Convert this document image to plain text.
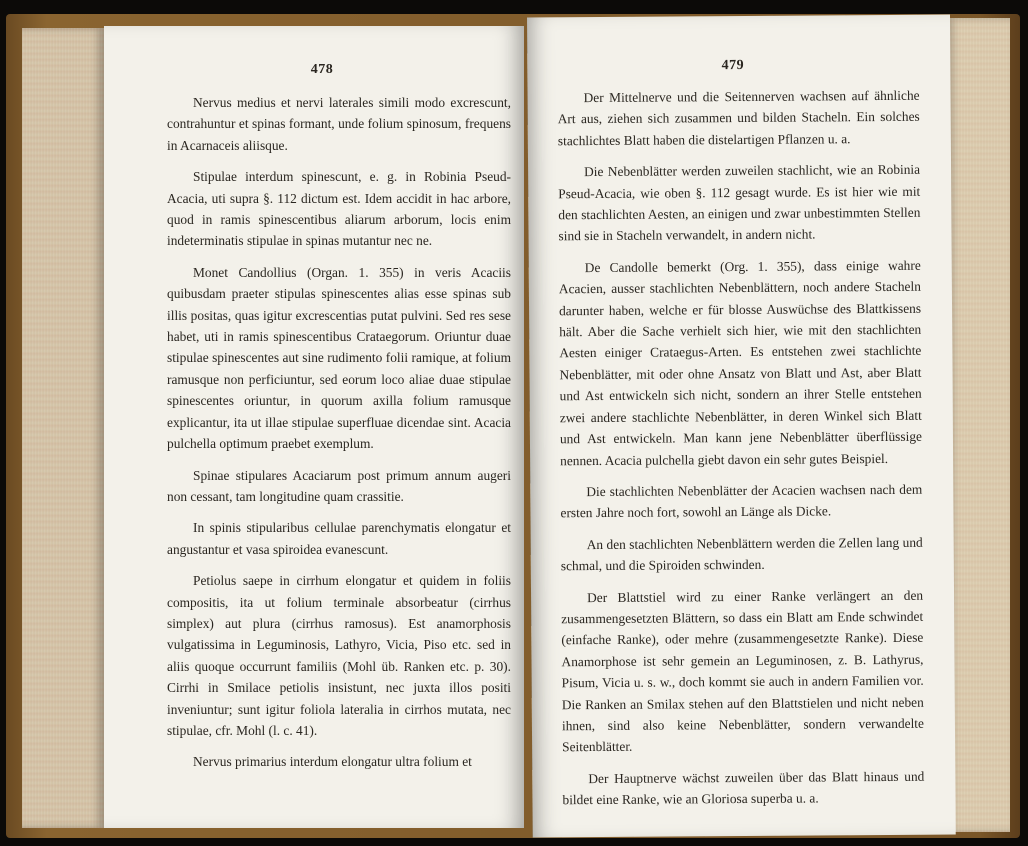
478

Nervus medius et nervi laterales simili modo excrescunt, contrahuntur et spinas formant, unde folium spinosum, frequens in Acarnaceis aliisque.

Stipulae interdum spinescunt, e. g. in Robinia Pseud-Acacia, uti supra §. 112 dictum est. Idem accidit in hac arbore, quod in ramis spinescentibus aliarum arborum, locis enim indeterminatis stipulae in spinas mutantur nec ne.

Monet Candollius (Organ. 1. 355) in veris Acaciis quibusdam praeter stipulas spinescentes alias esse spinas sub illis positas, quas igitur excrescentias putat pulvini. Sed res sese habet, uti in ramis spinescentibus Crataegorum. Oriuntur duae stipulae spinescentes aut sine rudimento folii ramique, at folium ramusque non perficiuntur, sed eorum loco aliae duae stipulae spinescentes oriuntur, in quorum axilla folium ramusque explicantur, ita ut illae stipulae superfluae dicendae sint. Acacia pulchella optimum praebet exemplum.

Spinae stipulares Acaciarum post primum annum augeri non cessant, tam longitudine quam crassitie.

In spinis stipularibus cellulae parenchymatis elongatur et angustantur et vasa spiroidea evanescunt.

Petiolus saepe in cirrhum elongatur et quidem in foliis compositis, ita ut folium terminale absorbeatur (cirrhus simplex) aut plura (cirrhus ramosus). Est anamorphosis vulgatissima in Leguminosis, Lathyro, Vicia, Piso etc. sed in aliis quoque occurrunt familiis (Mohl üb. Ranken etc. p. 30). Cirrhi in Smilace petiolis insistunt, nec juxta illos positi inveniuntur; sunt igitur foliola lateralia in cirrhos mutata, nec stipulae, cfr. Mohl (l. c. 41).

Nervus primarius interdum elongatur ultra folium et

479

Der Mittelnerve und die Seitennerven wachsen auf ähnliche Art aus, ziehen sich zusammen und bilden Stacheln. Ein solches stachlichtes Blatt haben die distelartigen Pflanzen u. a.

Die Nebenblätter werden zuweilen stachlicht, wie an Robinia Pseud-Acacia, wie oben §. 112 gesagt wurde. Es ist hier wie mit den stachlichten Aesten, an einigen und zwar unbestimmten Stellen sind sie in Stacheln verwandelt, in andern nicht.

De Candolle bemerkt (Org. 1. 355), dass einige wahre Acacien, ausser stachlichten Nebenblättern, noch andere Stacheln darunter haben, welche er für blosse Auswüchse des Blattkissens hält. Aber die Sache verhielt sich hier, wie mit den stachlichten Aesten einiger Crataegus-Arten. Es entstehen zwei stachlichte Nebenblätter, mit oder ohne Ansatz von Blatt und Ast, aber Blatt und Ast entwickeln sich nicht, sondern an ihrer Stelle entstehen zwei andere stachlichte Nebenblätter, in deren Winkel sich Blatt und Ast entwickeln. Man kann jene Nebenblätter überflüssige nennen. Acacia pulchella giebt davon ein sehr gutes Beispiel.

Die stachlichten Nebenblätter der Acacien wachsen nach dem ersten Jahre noch fort, sowohl an Länge als Dicke.

An den stachlichten Nebenblättern werden die Zellen lang und schmal, und die Spiroiden schwinden.

Der Blattstiel wird zu einer Ranke verlängert an den zusammengesetzten Blättern, so dass ein Blatt am Ende schwindet (einfache Ranke), oder mehre (zusammengesetzte Ranke). Diese Anamorphose ist sehr gemein an Leguminosen, z. B. Lathyrus, Pisum, Vicia u. s. w., doch kommt sie auch in andern Familien vor. Die Ranken an Smilax stehen auf den Blattstielen und nicht neben ihnen, sind also keine Nebenblätter, sondern verwandelte Seitenblätter.

Der Hauptnerve wächst zuweilen über das Blatt hinaus und bildet eine Ranke, wie an Gloriosa superba u. a.
